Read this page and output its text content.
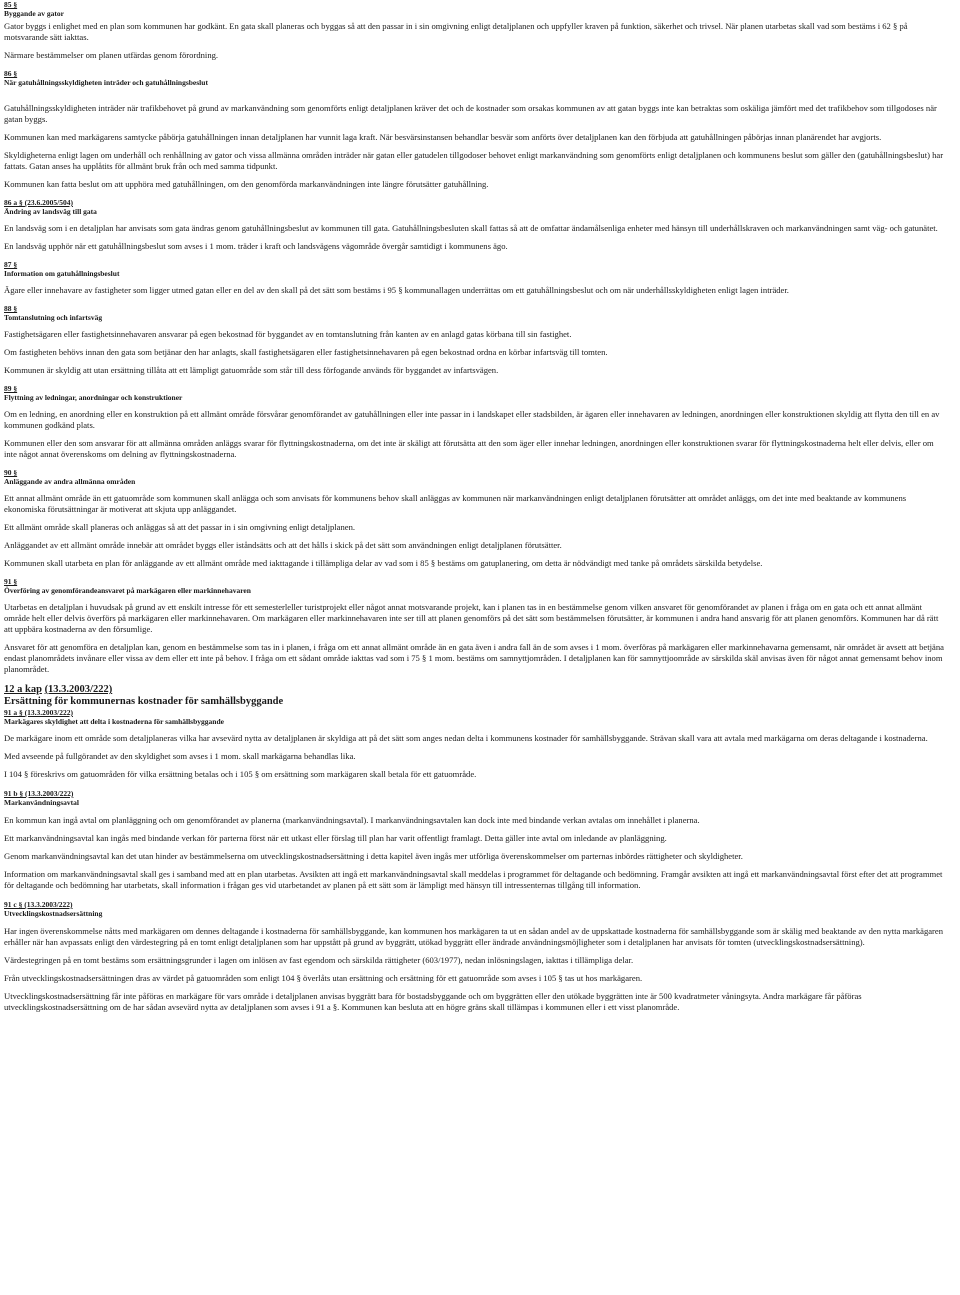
85 §
Byggande av gator

Gator byggs i enlighet med en plan som kommunen har godkänt. En gata skall planeras och byggas så att den passar in i sin omgivning enligt detaljplanen och uppfyller kraven på funktion, säkerhet och trivsel. När planen utarbetas skall vad som bestäms i 62 § på motsvarande sätt iakttas.

Närmare bestämmelser om planen utfärdas genom förordning.

86 §
När gatuhållningsskyldigheten inträder och gatuhållningsbeslut

Gatuhållningsskyldigheten inträder när trafikbehovet på grund av markanvändning som genomförts enligt detaljplanen kräver det och de kostnader som orsakas kommunen av att gatan byggs inte kan betraktas som oskäliga jämfört med det trafikbehov som tillgodoses när gatan byggs.

Kommunen kan med markägarens samtycke påbörja gatuhållningen innan detaljplanen har vunnit laga kraft. När besvärsinstansen behandlar besvär som anförts över detaljplanen kan den förbjuda att gatuhållningen påbörjas innan planärendet har avgjorts.

Skyldigheterna enligt lagen om underhåll och renhållning av gator och vissa allmänna områden inträder när gatan eller gatudelen tillgodoser behovet enligt markanvändning som genomförts enligt detaljplanen och kommunens beslut som gäller den (gatuhållningsbeslut) har fattats. Gatan anses ha upplåtits för allmänt bruk från och med samma tidpunkt.

Kommunen kan fatta beslut om att upphöra med gatuhållningen, om den genomförda markanvändningen inte längre förutsätter gatuhållning.

86 a § (23.6.2005/504)
Ändring av landsväg till gata

En landsväg som i en detaljplan har anvisats som gata ändras genom gatuhållningsbeslut av kommunen till gata. Gatuhållningsbesluten skall fattas så att de omfattar ändamålsenliga enheter med hänsyn till underhållskraven och markanvändningen samt väg- och gatunätet.

En landsväg upphör när ett gatuhållningsbeslut som avses i 1 mom. träder i kraft och landsvägens vägområde övergår samtidigt i kommunens ägo.

87 §
Information om gatuhållningsbeslut

Ägare eller innehavare av fastigheter som ligger utmed gatan eller en del av den skall på det sätt som bestäms i 95 § kommunallagen underrättas om ett gatuhållningsbeslut och om när underhållsskyldigheten enligt lagen inträder.

88 §
Tomtanslutning och infartsväg

Fastighetsägaren eller fastighetsinnehavaren ansvarar på egen bekostnad för byggandet av en tomtanslutning från kanten av en anlagd gatas körbana till sin fastighet.

Om fastigheten behövs innan den gata som betjänar den har anlagts, skall fastighetsägaren eller fastighetsinnehavaren på egen bekostnad ordna en körbar infartsväg till tomten.

Kommunen är skyldig att utan ersättning tillåta att ett lämpligt gatuområde som står till dess förfogande används för byggandet av infartsvägen.

89 §
Flyttning av ledningar, anordningar och konstruktioner

Om en ledning, en anordning eller en konstruktion på ett allmänt område försvårar genomförandet av gatuhållningen eller inte passar in i landskapet eller stadsbilden, är ägaren eller innehavaren av ledningen, anordningen eller konstruktionen skyldig att flytta den till en av kommunen godkänd plats.

Kommunen eller den som ansvarar för att allmänna områden anläggs svarar för flyttningskostnaderna, om det inte är skäligt att förutsätta att den som äger eller innehar ledningen, anordningen eller konstruktionen svarar för flyttningskostnaderna helt eller delvis, eller om inte något annat överenskoms om delning av flyttningskostnaderna.

90 §
Anläggande av andra allmänna områden

Ett annat allmänt område än ett gatuområde som kommunen skall anlägga och som anvisats för kommunens behov skall anläggas av kommunen när markanvändningen enligt detaljplanen förutsätter att området anläggs, om det inte med beaktande av kommunens ekonomiska förutsättningar är motiverat att skjuta upp anläggandet.

Ett allmänt område skall planeras och anläggas så att det passar in i sin omgivning enligt detaljplanen.

Anläggandet av ett allmänt område innebär att området byggs eller iståndsätts och att det hålls i skick på det sätt som användningen enligt detaljplanen förutsätter.

Kommunen skall utarbeta en plan för anläggande av ett allmänt område med iakttagande i tillämpliga delar av vad som i 85 § bestäms om gatuplanering, om detta är nödvändigt med tanke på områdets särskilda betydelse.

91 §
Överföring av genomförandeansvaret på markägaren eller markinnehavaren

Utarbetas en detaljplan i huvudsak på grund av ett enskilt intresse för ett semesterleller turistprojekt eller något annat motsvarande projekt, kan i planen tas in en bestämmelse genom vilken ansvaret för genomförandet av planen i fråga om en gata och ett annat allmänt område helt eller delvis överförs på markägaren eller markinnehavaren. Om markägaren eller markinnehavaren inte ser till att planen genomförs på det sätt som bestämmelsen förutsätter, är kommunen i andra hand ansvarig för att planen genomförs. Kommunen har då rätt att uppbära kostnaderna av den försumlige.

Ansvaret för att genomföra en detaljplan kan, genom en bestämmelse som tas in i planen, i fråga om ett annat allmänt område än en gata även i andra fall än de som avses i 1 mom. överföras på markägaren eller markinnehavarna gemensamt, när området är avsett att betjäna endast planområdets invånare eller vissa av dem eller ett inte på behov. I fråga om ett sådant område iakttas vad som i 75 § 1 mom. bestäms om samnyttjområden. I detaljplanen kan för samnyttjoområde av särskilda skäl anvisas även för något annat gemensamt behov inom planområdet.

12 a kap (13.3.2003/222)
Ersättning för kommunernas kostnader för samhällsbyggande
91 a § (13.3.2003/222)
Markägares skyldighet att delta i kostnaderna för samhällsbyggande

De markägare inom ett område som detaljplaneras vilka har avsevärd nytta av detaljplanen är skyldiga att på det sätt som anges nedan delta i kommunens kostnader för samhällsbyggande. Strävan skall vara att avtala med markägarna om deras deltagande i kostnaderna.

Med avseende på fullgörandet av den skyldighet som avses i 1 mom. skall markägarna behandlas lika.

I 104 § föreskrivs om gatuområden för vilka ersättning betalas och i 105 § om ersättning som markägaren skall betala för ett gatuområde.

91 b § (13.3.2003/222)
Markanvändningsavtal

En kommun kan ingå avtal om planläggning och om genomförandet av planerna (markanvändningsavtal). I markanvändningsavtalen kan dock inte med bindande verkan avtalas om innehållet i planerna.

Ett markanvändningsavtal kan ingås med bindande verkan för parterna först när ett utkast eller förslag till plan har varit offentligt framlagt. Detta gäller inte avtal om inledande av planläggning.

Genom markanvändningsavtal kan det utan hinder av bestämmelserna om utvecklingskostnadsersättning i detta kapitel även ingås mer utförliga överenskommelser om parternas inbördes rättigheter och skyldigheter.

Information om markanvändningsavtal skall ges i samband med att en plan utarbetas. Avsikten att ingå ett markanvändningsavtal skall meddelas i programmet för deltagande och bedömning. Framgår avsikten att ingå ett markanvändningsavtal först efter det att programmet för deltagande och bedömning har utarbetats, skall information i frågan ges vid utarbetandet av planen på ett sätt som är lämpligt med hänsyn till intressenternas tillgång till information.

91 c § (13.3.2003/222)
Utvecklingskostnadsersättning

Har ingen överenskommelse nåtts med markägaren om dennes deltagande i kostnaderna för samhällsbyggande, kan kommunen hos markägaren ta ut en sådan andel av de uppskattade kostnaderna för samhällsbyggande som är skälig med beaktande av den nytta markägaren erhåller när han avpassats enligt den värdestegring på en tomt enligt detaljplanen som har uppstått på grund av byggrätt, utökad byggrätt eller ändrade användningsmöjligheter som i detaljplanen har anvisats för tomten (utvecklingskostnadsersättning).

Värdestegringen på en tomt bestäms som ersättningsgrunder i lagen om inlösen av fast egendom och särskilda rättigheter (603/1977), nedan inlösningslagen, iakttas i tillämpliga delar.

Från utvecklingskostnadsersättningen dras av värdet på gatuområden som enligt 104 § överlåts utan ersättning och ersättning för ett gatuområde som avses i 105 § tas ut hos markägaren.

Utvecklingskostnadsersättning får inte påföras en markägare för vars område i detaljplanen anvisas byggrätt bara för bostadsbyggande och om byggrätten eller den utökade byggrätten inte är 500 kvadratmeter våningsyta. Andra markägare får påföras utvecklingskostnadsersättning om de har sådan avsevärd nytta av detaljplanen som avses i 91 a §. Kommunen kan besluta att en högre gräns skall tillämpas i kommunen eller i ett visst planområde.
